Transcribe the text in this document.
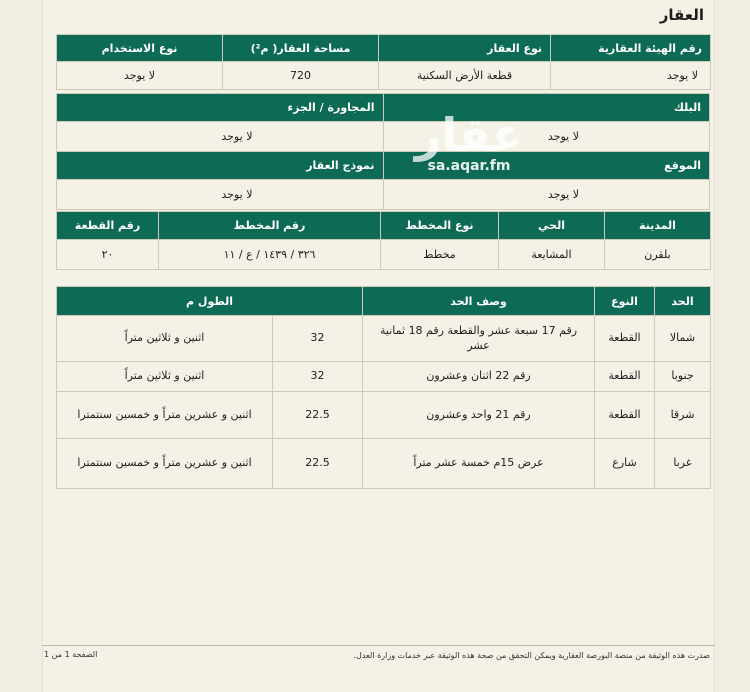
العقار
رقم الهيئة العقارية	نوع العقار	مساحة العقار( م²)	نوع الاستخدام
لا يوجد	قطعة الأرض السكنية	720	لا يوجد
البلك	المجاورة / الجزء
لا يوجد	لا يوجد
الموقع	نموذج العقار
لا يوجد	لا يوجد
المدينة	الحي	نوع المخطط	رقم المخطط	رقم القطعة
بلقرن	المشايعة	مخطط	٣٢٦ / ١٤٣٩ / ع / ١١	٢٠
الحد	النوع	وصف الحد	الطول م	
شمالا	القطعة	رقم 17 سبعة عشر والقطعة رقم 18 ثمانية عشر	32	اثنين و ثلاثين متراً
جنوبا	القطعة	رقم 22 اثنان وعشرون	32	اثنين و ثلاثين متراً
شرقا	القطعة	رقم 21 واحد وعشرون	22.5	اثنين و عشرين متراً و خمسين سنتمترا
غربا	شارع	عرض 15م خمسة عشر متراً	22.5	اثنين و عشرين متراً و خمسين سنتمترا
عقار
sa.aqar.fm
صدرت هذه الوثيقة من منصة البورصة العقارية ويمكن التحقق من صحة هذه الوثيقة عبر خدمات وزارة العدل.
الصفحة 1 من 1
